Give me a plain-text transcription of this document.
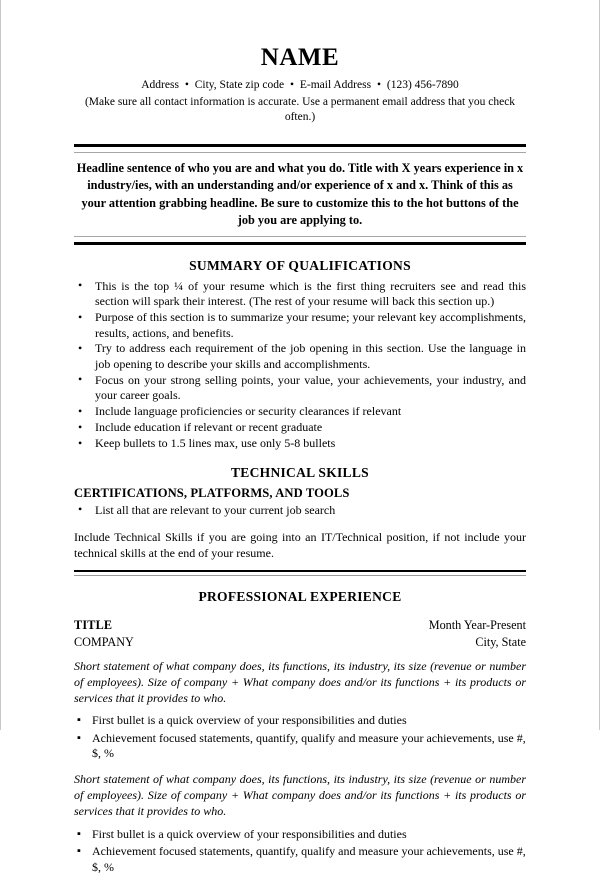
NAME
Address • City, State zip code • E-mail Address • (123) 456-7890
(Make sure all contact information is accurate. Use a permanent email address that you check often.)
Headline sentence of who you are and what you do. Title with X years experience in x industry/ies, with an understanding and/or experience of x and x. Think of this as your attention grabbing headline. Be sure to customize this to the hot buttons of the job you are applying to.
SUMMARY OF QUALIFICATIONS
• This is the top ¼ of your resume which is the first thing recruiters see and read this section will spark their interest. (The rest of your resume will back this section up.)
• Purpose of this section is to summarize your resume; your relevant key accomplishments, results, actions, and benefits.
• Try to address each requirement of the job opening in this section. Use the language in job opening to describe your skills and accomplishments.
• Focus on your strong selling points, your value, your achievements, your industry, and your career goals.
• Include language proficiencies or security clearances if relevant
• Include education if relevant or recent graduate
• Keep bullets to 1.5 lines max, use only 5-8 bullets
TECHNICAL SKILLS
CERTIFICATIONS, PLATFORMS, AND TOOLS
• List all that are relevant to your current job search
Include Technical Skills if you are going into an IT/Technical position, if not include your technical skills at the end of your resume.
PROFESSIONAL EXPERIENCE
TITLE	Month Year-Present
COMPANY	City, State
Short statement of what company does, its functions, its industry, its size (revenue or number of employees). Size of company + What company does and/or its functions + its products or services that it provides to who.
▪ First bullet is a quick overview of your responsibilities and duties
▪ Achievement focused statements, quantify, qualify and measure your achievements, use #, $, %
Short statement of what company does, its functions, its industry, its size (revenue or number of employees). Size of company + What company does and/or its functions + its products or services that it provides to who.
▪ First bullet is a quick overview of your responsibilities and duties
▪ Achievement focused statements, quantify, qualify and measure your achievements, use #, $, %
